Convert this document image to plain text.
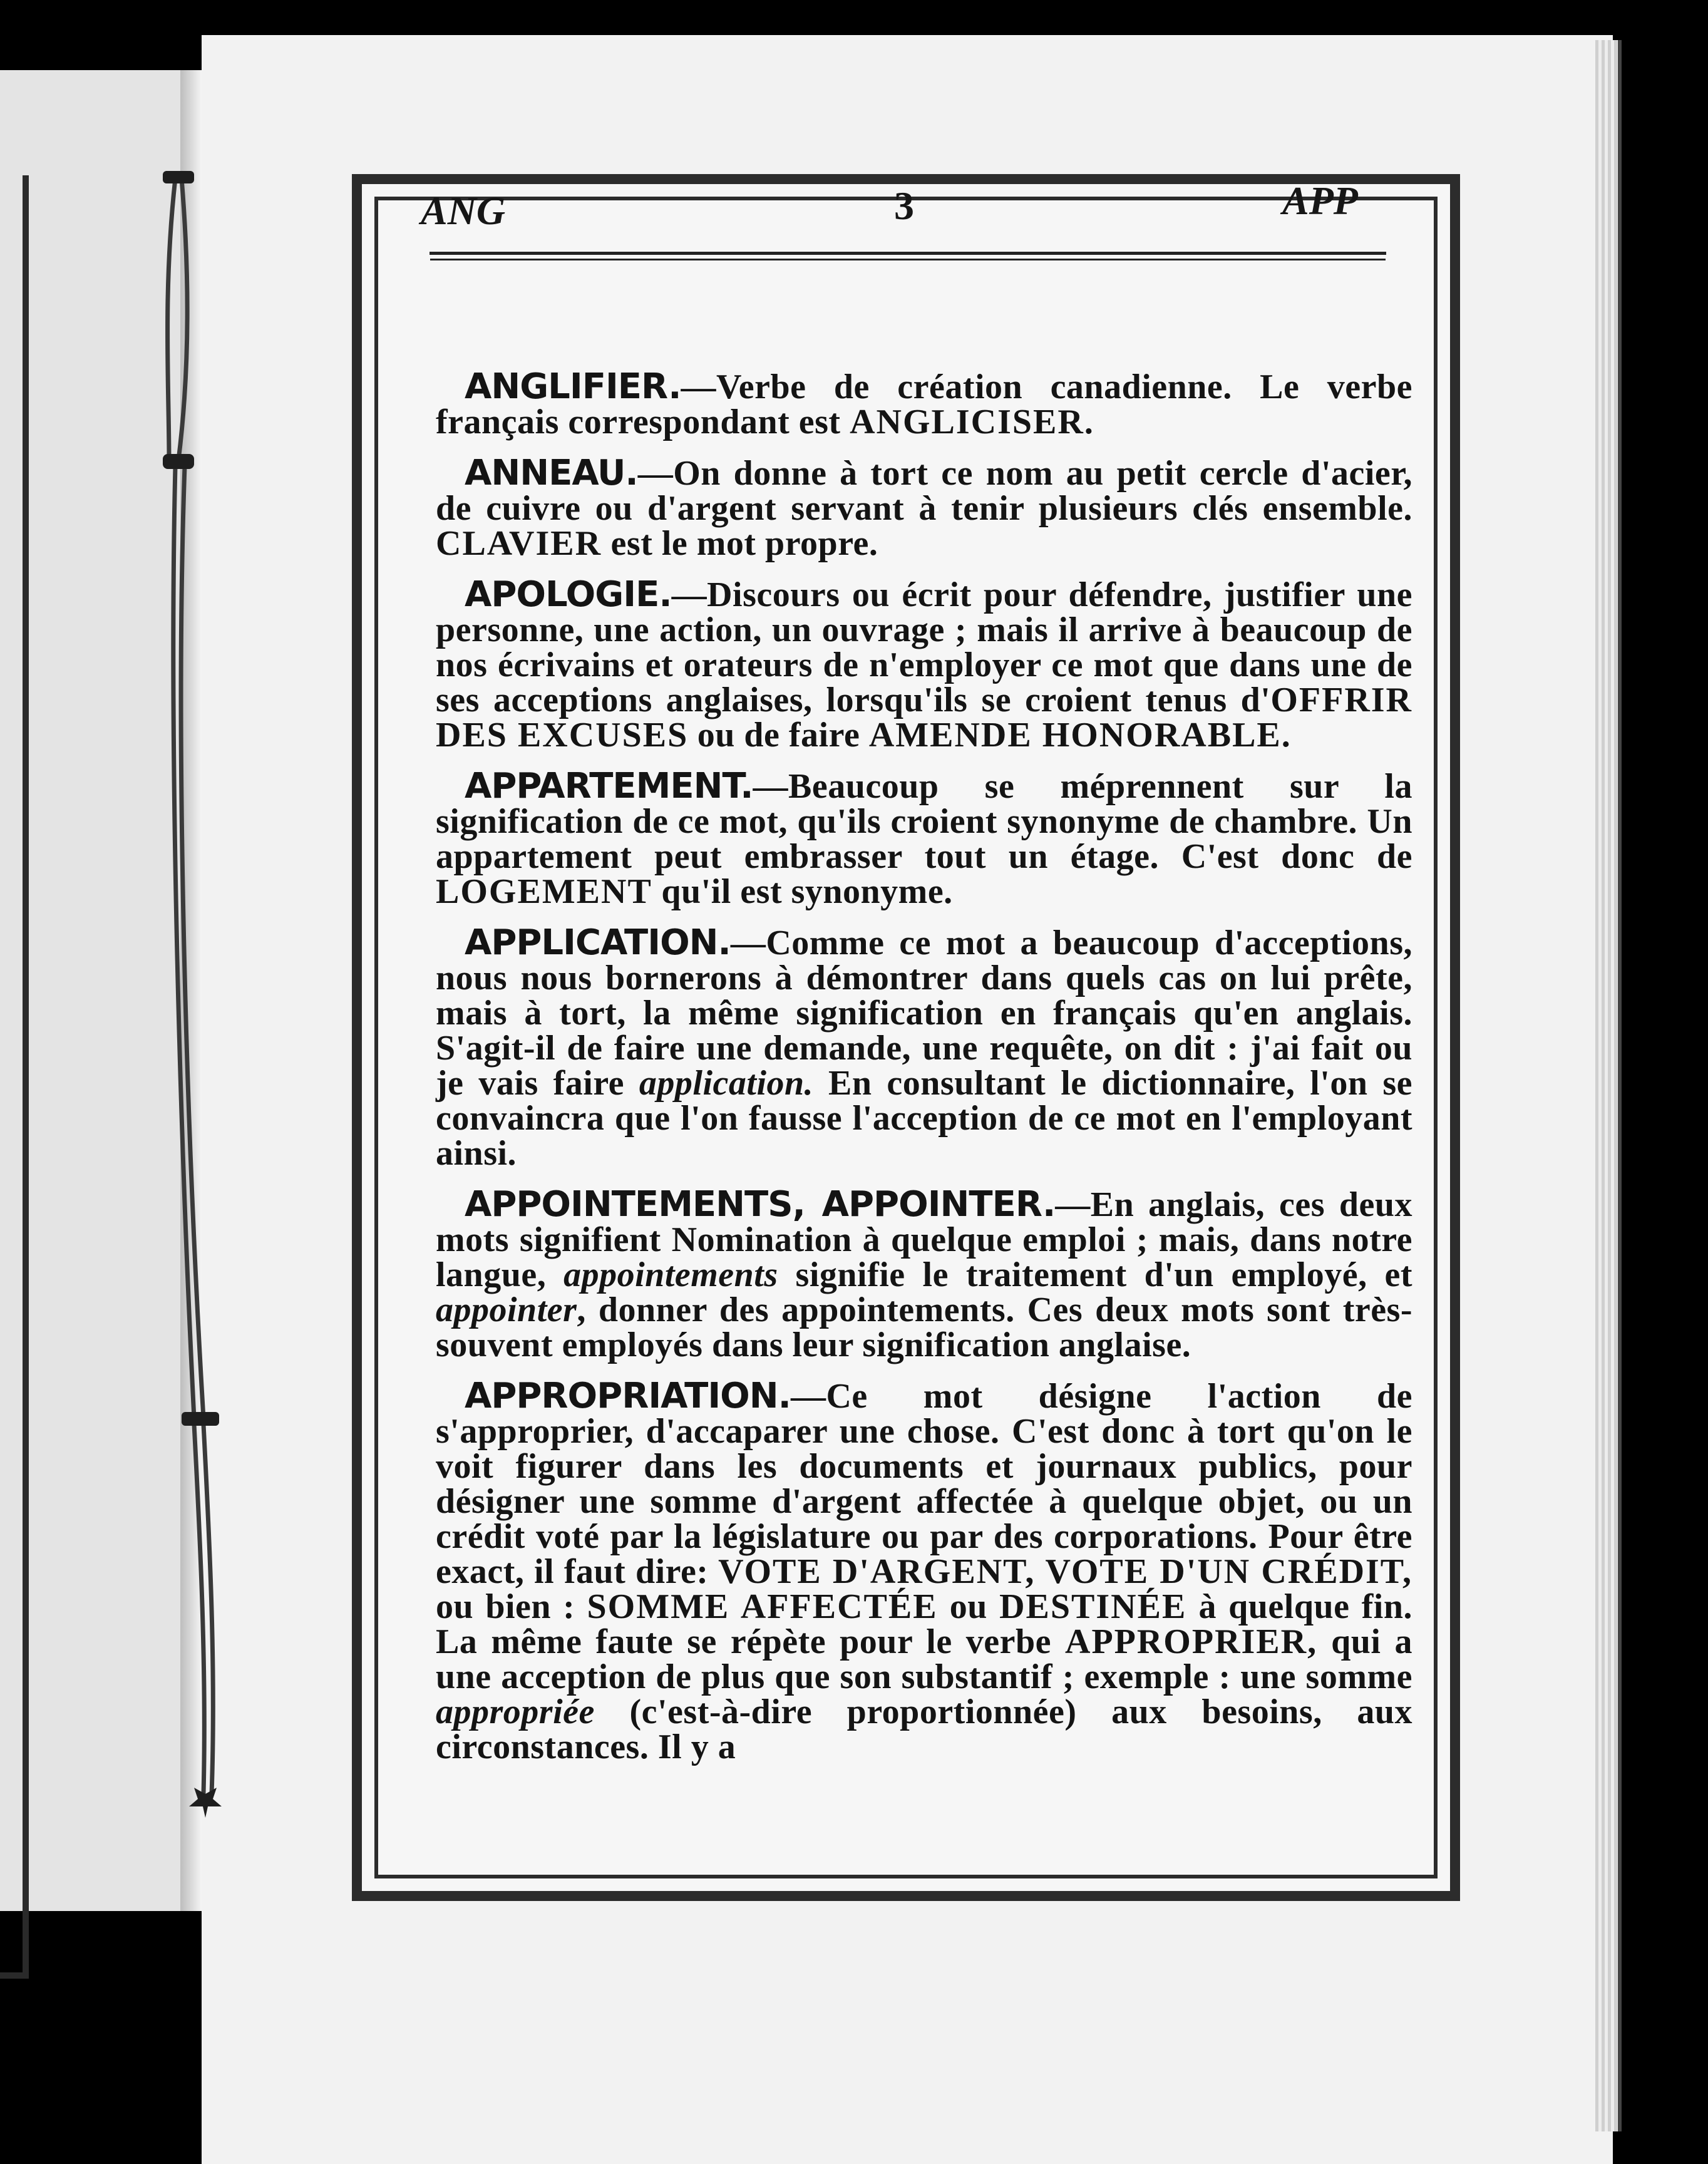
ANG	3	APP

ANGLIFIER.—Verbe de création canadienne. Le verbe français correspondant est ANGLICISER.

ANNEAU.—On donne à tort ce nom au petit cercle d'acier, de cuivre ou d'argent servant à tenir plusieurs clés ensemble. CLAVIER est le mot propre.

APOLOGIE.—Discours ou écrit pour défendre, justifier une personne, une action, un ouvrage ; mais il arrive à beaucoup de nos écrivains et orateurs de n'employer ce mot que dans une de ses acceptions anglaises, lorsqu'ils se croient tenus d'OFFRIR DES EXCUSES ou de faire AMENDE HONORABLE.

APPARTEMENT.—Beaucoup se méprennent sur la signification de ce mot, qu'ils croient synonyme de chambre. Un appartement peut embrasser tout un étage. C'est donc de LOGEMENT qu'il est synonyme.

APPLICATION.—Comme ce mot a beaucoup d'acceptions, nous nous bornerons à démontrer dans quels cas on lui prête, mais à tort, la même signification en français qu'en anglais. S'agit-il de faire une demande, une requête, on dit : j'ai fait ou je vais faire application. En consultant le dictionnaire, l'on se convaincra que l'on fausse l'acception de ce mot en l'employant ainsi.

APPOINTEMENTS, APPOINTER.—En anglais, ces deux mots signifient Nomination à quelque emploi ; mais, dans notre langue, appointements signifie le traitement d'un employé, et appointer, donner des appointements. Ces deux mots sont très-souvent employés dans leur signification anglaise.

APPROPRIATION.—Ce mot désigne l'action de s'approprier, d'accaparer une chose. C'est donc à tort qu'on le voit figurer dans les documents et journaux publics, pour désigner une somme d'argent affectée à quelque objet, ou un crédit voté par la législature ou par des corporations. Pour être exact, il faut dire: VOTE D'ARGENT, VOTE D'UN CRÉDIT, ou bien : SOMME AFFECTÉE ou DESTINÉE à quelque fin. La même faute se répète pour le verbe APPROPRIER, qui a une acception de plus que son substantif ; exemple : une somme appropriée (c'est-à-dire proportionnée) aux besoins, aux circonstances. Il y a
